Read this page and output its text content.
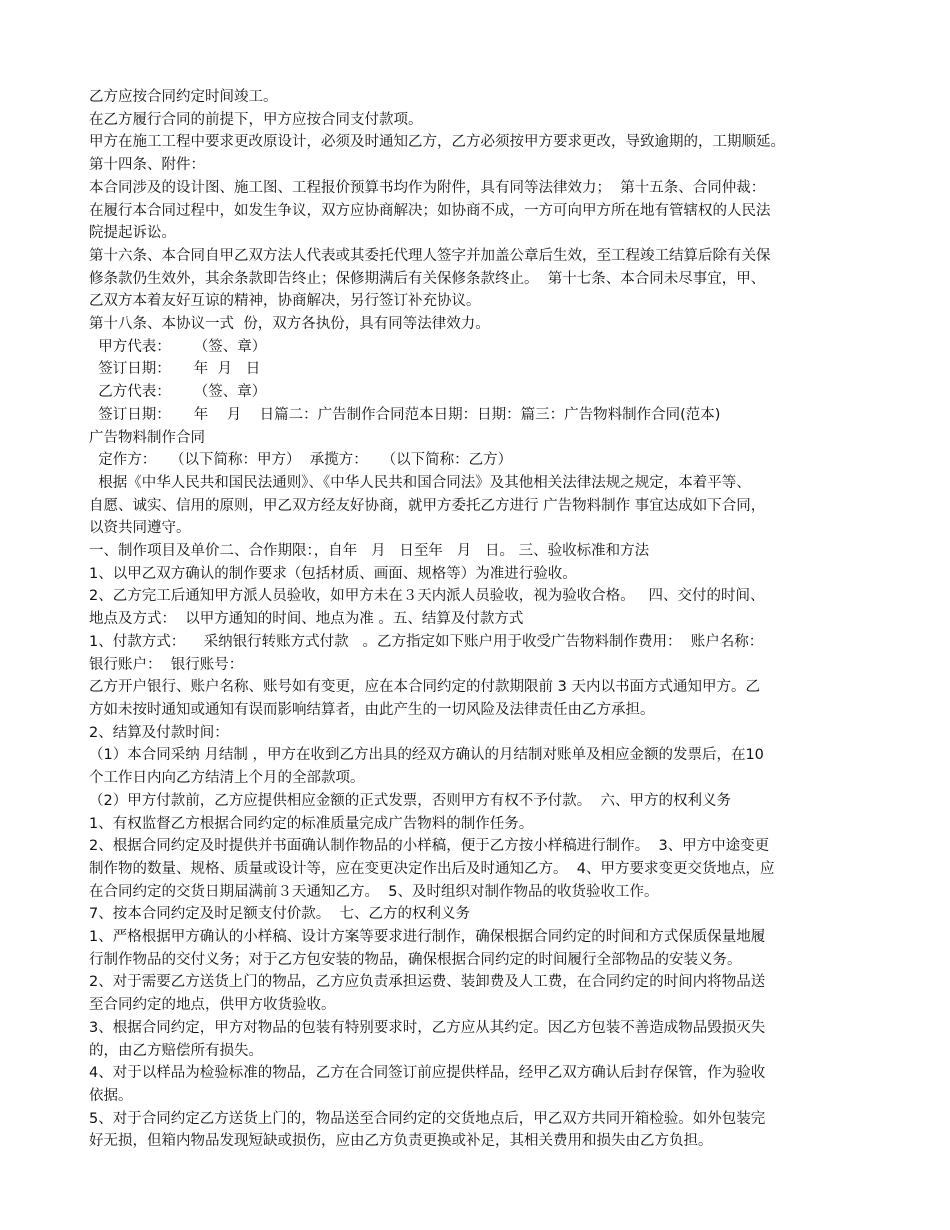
乙方应按合同约定时间竣工。

在乙方履行合同的前提下，甲方应按合同支付款项。

甲方在施工工程中要求更改原设计，必须及时通知乙方，乙方必须按甲方要求更改，导致逾期的，工期顺延。

第十四条、附件：

本合同涉及的设计图、施工图、工程报价预算书均作为附件，具有同等法律效力；  第十五条、合同仲裁：

在履行本合同过程中，如发生争议，双方应协商解决；如协商不成，一方可向甲方所在地有管辖权的人民法

院提起诉讼。

第十六条、本合同自甲乙双方法人代表或其委托代理人签字并加盖公章后生效，至工程竣工结算后除有关保

修条款仍生效外，其余条款即告终止；保修期满后有关保修条款终止。  第十七条、本合同未尽事宜，甲、

乙双方本着友好互谅的精神，协商解决，另行签订补充协议。

第十八条、本协议一式  份，双方各执份，具有同等法律效力。

甲方代表：     （签、章）

签订日期：     年  月   日

乙方代表：     （签、章）

签订日期：     年    月    日篇二：广告制作合同范本日期：日期：篇三：广告物料制作合同(范本)

广告物料制作合同

定作方：   （以下简称：甲方）  承揽方：   （以下简称：乙方）

根据《中华人民共和国民法通则》、《中华人民共和国合同法》及其他相关法律法规之规定，本着平等、

自愿、诚实、信用的原则，甲乙双方经友好协商，就甲方委托乙方进行 广告物料制作 事宜达成如下合同，

以资共同遵守。

一、制作项目及单价二、合作期限：，自年   月   日至年   月   日。 三、验收标准和方法

1、以甲乙双方确认的制作要求（包括材质、画面、规格等）为准进行验收。

2、乙方完工后通知甲方派人员验收，如甲方未在３天内派人员验收，视为验收合格。   四、交付的时间、

地点及方式：  以甲方通知的时间、地点为准 。五、结算及付款方式

1、付款方式：    采纳银行转账方式付款   。乙方指定如下账户用于收受广告物料制作费用：  账户名称：

银行账户：  银行账号：

乙方开户银行、账户名称、账号如有变更，应在本合同约定的付款期限前 3 天内以书面方式通知甲方。乙

方如未按时通知或通知有误而影响结算者，由此产生的一切风险及法律责任由乙方承担。

2、结算及付款时间：

（1）本合同采纳 月结制 ，甲方在收到乙方出具的经双方确认的月结制对账单及相应金额的发票后，在10

个工作日内向乙方结清上个月的全部款项。

（2）甲方付款前，乙方应提供相应金额的正式发票，否则甲方有权不予付款。  六、甲方的权利义务

1、有权监督乙方根据合同约定的标准质量完成广告物料的制作任务。

2、根据合同约定及时提供并书面确认制作物品的小样稿，便于乙方按小样稿进行制作。  3、甲方中途变更

制作物的数量、规格、质量或设计等，应在变更决定作出后及时通知乙方。  4、甲方要求变更交货地点，应

在合同约定的交货日期届满前３天通知乙方。  5、及时组织对制作物品的收货验收工作。

7、按本合同约定及时足额支付价款。  七、乙方的权利义务

1、严格根据甲方确认的小样稿、设计方案等要求进行制作，确保根据合同约定的时间和方式保质保量地履

行制作物品的交付义务；对于乙方包安装的物品，确保根据合同约定的时间履行全部物品的安装义务。

2、对于需要乙方送货上门的物品，乙方应负责承担运费、装卸费及人工费，在合同约定的时间内将物品送

至合同约定的地点，供甲方收货验收。

3、根据合同约定，甲方对物品的包装有特别要求时，乙方应从其约定。因乙方包装不善造成物品毁损灭失

的，由乙方赔偿所有损失。

4、对于以样品为检验标准的物品，乙方在合同签订前应提供样品，经甲乙双方确认后封存保管，作为验收

依据。

5、对于合同约定乙方送货上门的，物品送至合同约定的交货地点后，甲乙双方共同开箱检验。如外包装完

好无损，但箱内物品发现短缺或损伤，应由乙方负责更换或补足，其相关费用和损失由乙方负担。
